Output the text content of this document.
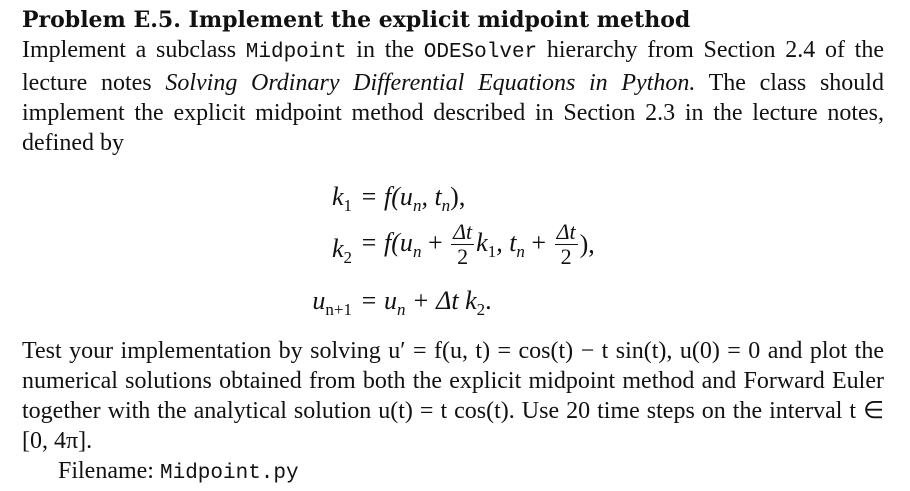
Problem E.5. Implement the explicit midpoint method

Implement a subclass Midpoint in the ODESolver hierarchy from Section 2.4 of the lecture notes Solving Ordinary Differential Equations in Python. The class should implement the explicit midpoint method described in Section 2.3 in the lecture notes, defined by

$k_1 = f(u_n$, $t_n$),
$k_2$
= $f(u_n + \frac{\Delta t}{2} k_1$, $t_n + \frac{\Delta t}{2}$ ),
$u_{n+1} = u_n + \Delta t$ $k_2$.

Test your implementation by solving u′ = f(u, t) = cos(t) − t sin(t), u(0) = 0 and plot the numerical solutions obtained from both the explicit midpoint method and Forward Euler together with the analytical solution u(t) = t cos(t). Use 20 time steps on the interval t ∈ [0, 4π].

Filename: Midpoint.py
